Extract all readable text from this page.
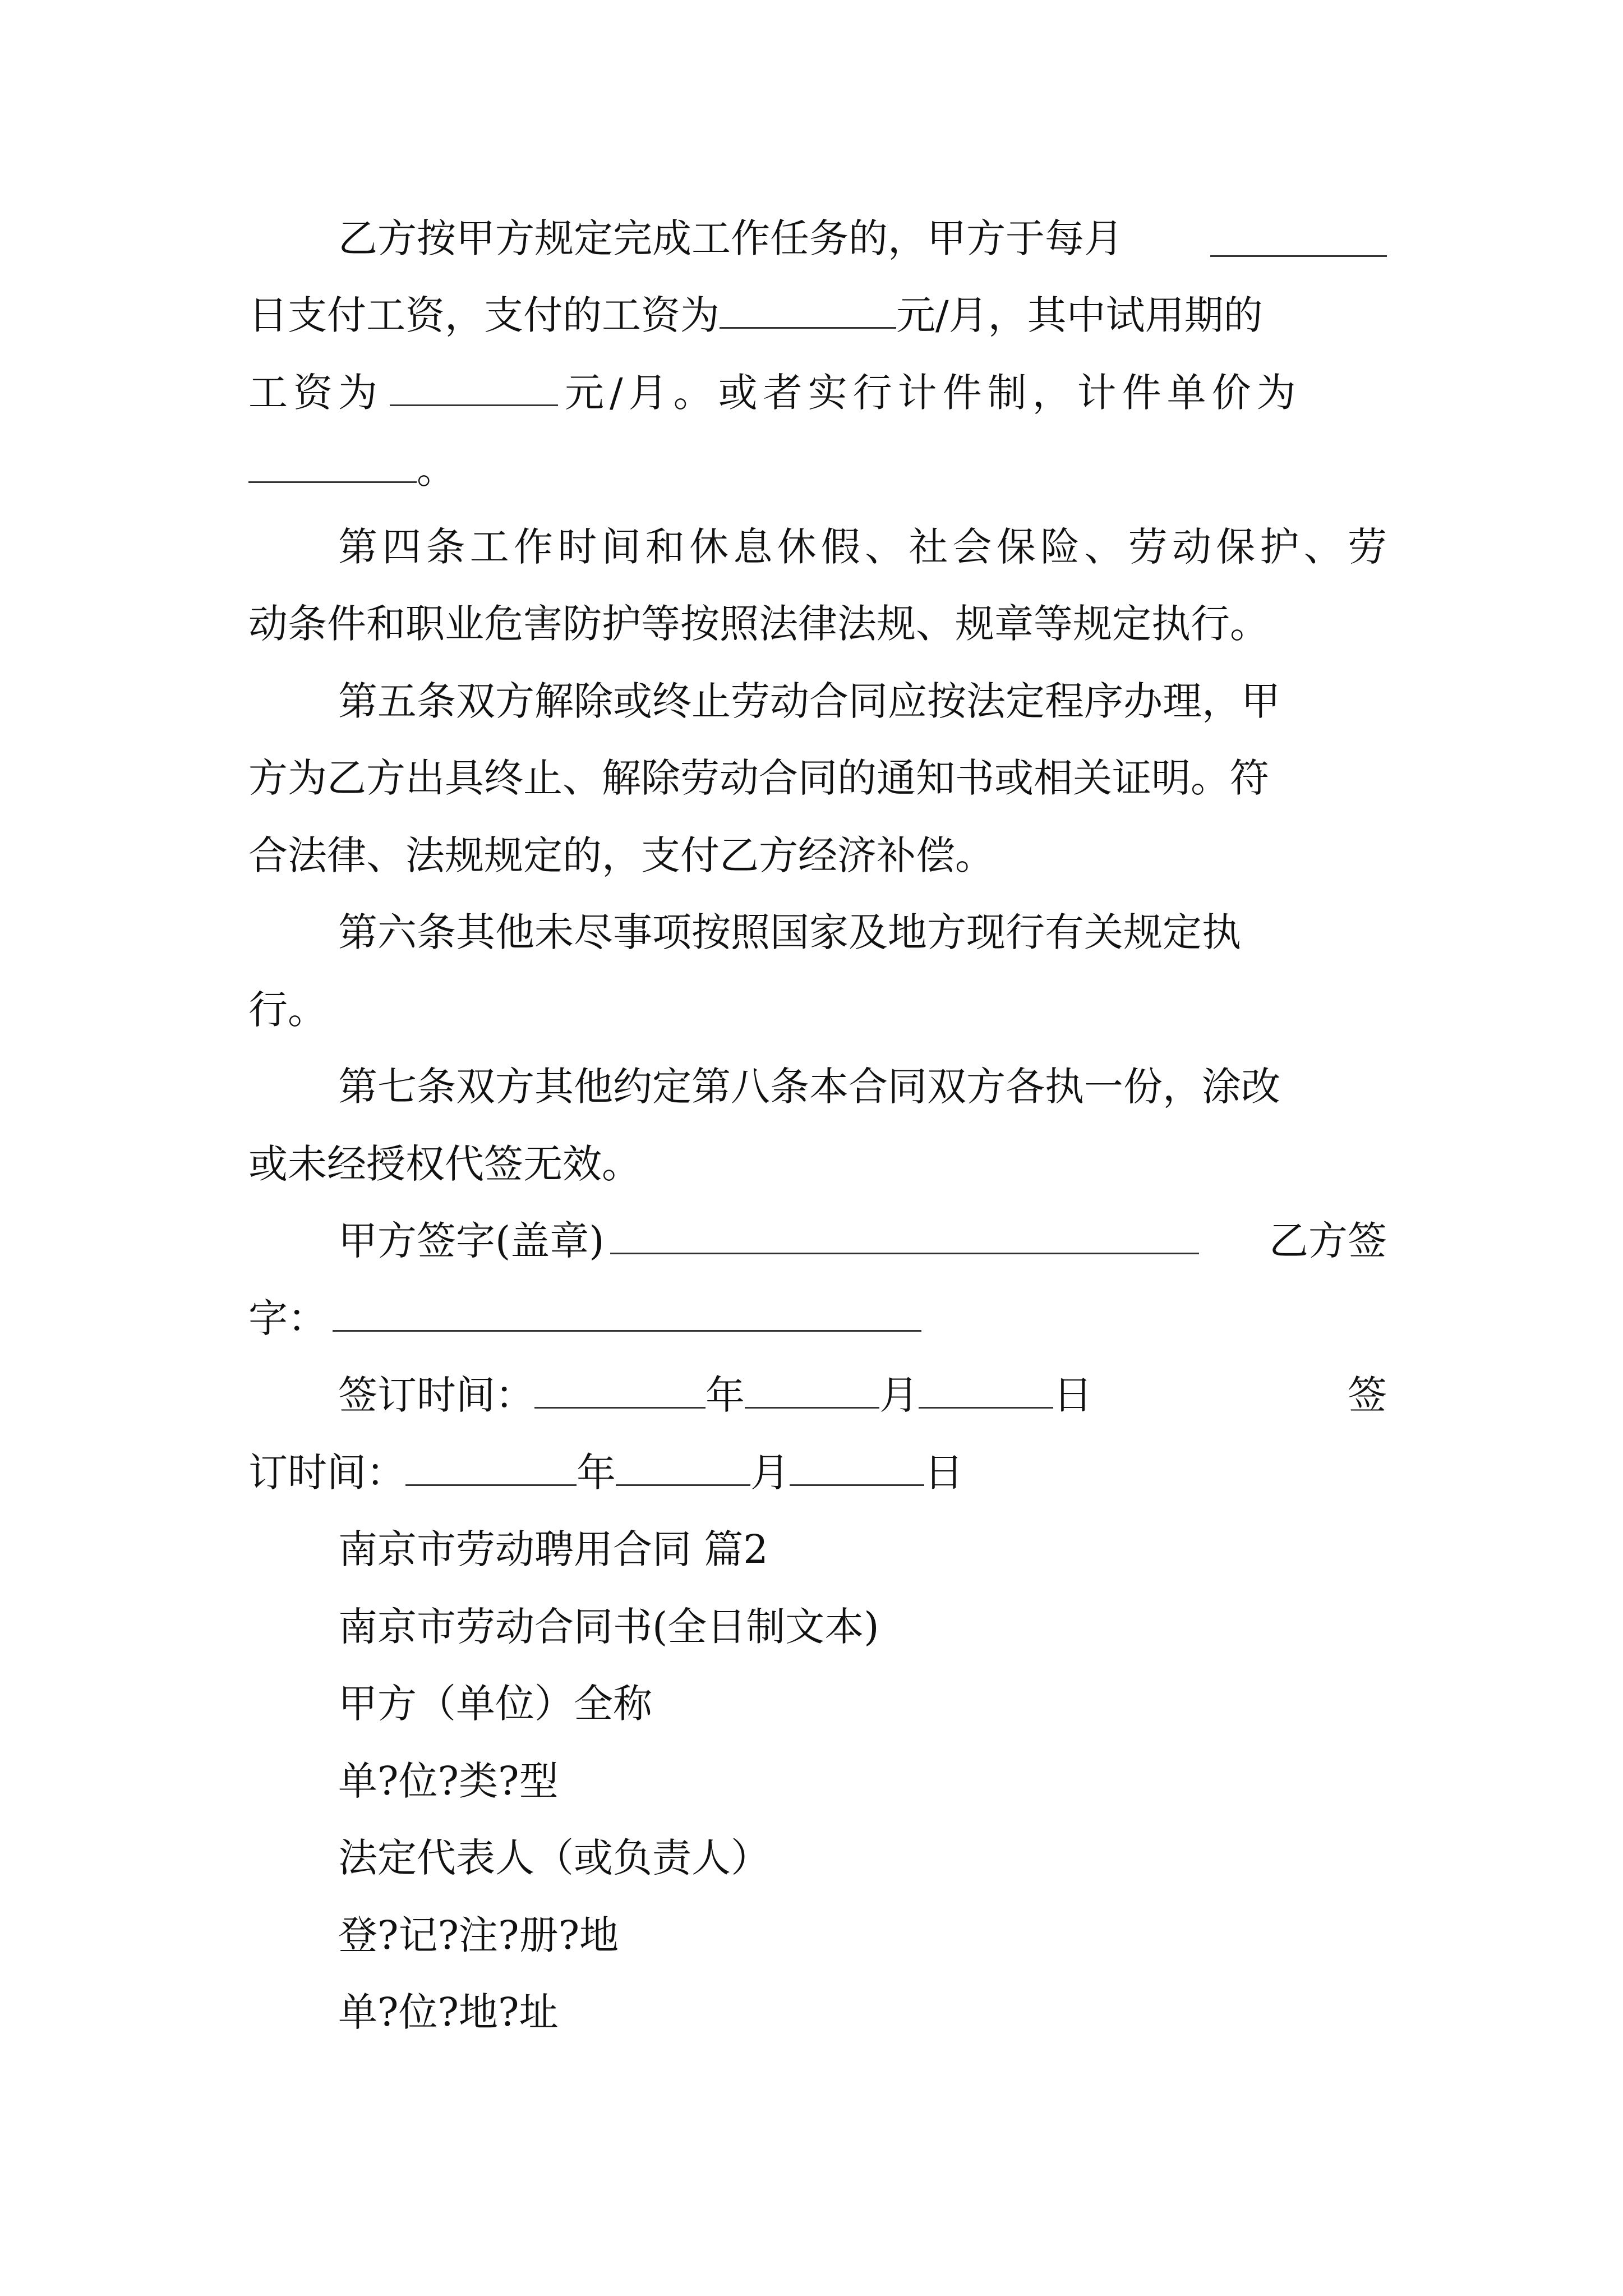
乙方按甲方规定完成工作任务的，甲方于每月
日支付工资，支付的工资为	元/月，其中试用期的
工资为	元/月。或者实行计件制，计件单价为
。
第四条工作时间和休息休假、社会保险、劳动保护、劳
动条件和职业危害防护等按照法律法规、规章等规定执行。
第五条双方解除或终止劳动合同应按法定程序办理，甲
方为乙方出具终止、解除劳动合同的通知书或相关证明。符
合法律、法规规定的，支付乙方经济补偿。
第六条其他未尽事项按照国家及地方现行有关规定执
行。
第七条双方其他约定第八条本合同双方各执一份，涂改
或未经授权代签无效。
甲方签字(盖章)	乙方签
字：
签订时间：	年	月	日	签
订时间：	年	月	日
南京市劳动聘用合同 篇2
南京市劳动合同书(全日制文本)
甲方（单位）全称
单?位?类?型
法定代表人（或负责人）
登?记?注?册?地
单?位?地?址
